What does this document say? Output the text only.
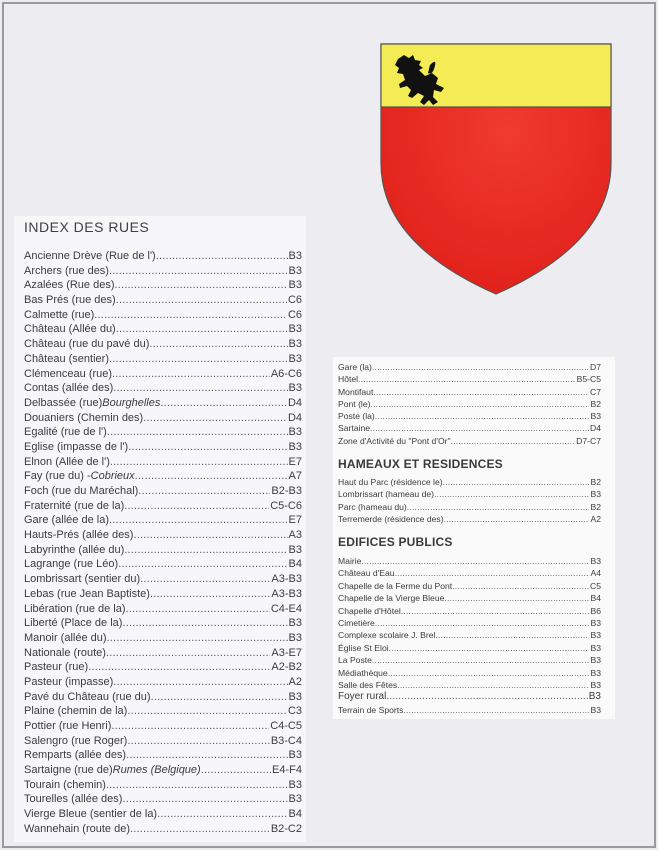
INDEX DES RUES
Ancienne Drève (Rue de l') .....	B3
Archers (rue des) .....	B3
Azalées (Rue des) .....	B3
Bas Prés (rue des) .....	C6
Calmette (rue) .....	C6
Château (Allée du) .....	B3
Château (rue du pavé du) .....	B3
Château (sentier) .....	B3
Clémenceau (rue) .....	A6-C6
Contas (allée des) .....	B3
Delbassée (rue) Bourghelles .....	D4
Douaniers (Chemin des) .....	D4
Egalité (rue de l') .....	B3
Eglise (impasse de l') .....	B3
Elnon (Allée de l') .....	E7
Fay (rue du) - Cobrieux .....	A7
Foch (rue du Maréchal) .....	B2-B3
Fraternité (rue de la) .....	C5-C6
Gare (allée de la) .....	E7
Hauts-Prés (allée des) .....	A3
Labyrinthe (allée du) .....	B3
Lagrange (rue Léo) .....	B4
Lombrissart (sentier du) .....	A3-B3
Lebas (rue Jean Baptiste) .....	A3-B3
Libération (rue de la) .....	C4-E4
Liberté (Place de la) .....	B3
Manoir (allée du) .....	B3
Nationale (route) .....	A3-E7
Pasteur (rue) .....	A2-B2
Pasteur (impasse) .....	A2
Pavé du Château (rue du) .....	B3
Plaine (chemin de la) .....	C3
Pottier (rue Henri) .....	C4-C5
Salengro (rue Roger) .....	B3-C4
Remparts (allée des) .....	B3
Sartaigne (rue de) Rumes (Belgique) .....	E4-F4
Tourain (chemin) .....	B3
Tourelles (allée des) .....	B3
Vierge Bleue (sentier de la) .....	B4
Wannehain (route de) .....	B2-C2
Gare (la) .....	D7
Hôtel .....	B5-C5
Montifaut .....	C7
Pont (le) .....	B2
Poste (la) .....	B3
Sartaine .....	D4
Zone d'Activité du "Pont d'Or" .....	D7-C7
HAMEAUX ET RESIDENCES
Haut du Parc (résidence le) .....	B2
Lombrissart (hameau de) .....	B3
Parc (hameau du) .....	B2
Terremerde (résidence des) .....	A2
EDIFICES PUBLICS
Mairie .....	B3
Château d'Eau .....	A4
Chapelle de la Ferme du Pont .....	C5
Chapelle de la Vierge Bleue .....	B4
Chapelle d'Hôtel .....	B6
Cimetière .....	B3
Complexe scolaire J. Brel .....	B3
Église St Eloi .....	B3
La Poste .....	B3
Médiathèque .....	B3
Salle des Fêtes .....	B3
Foyer rural .....	B3
Terrain de Sports .....	B3
